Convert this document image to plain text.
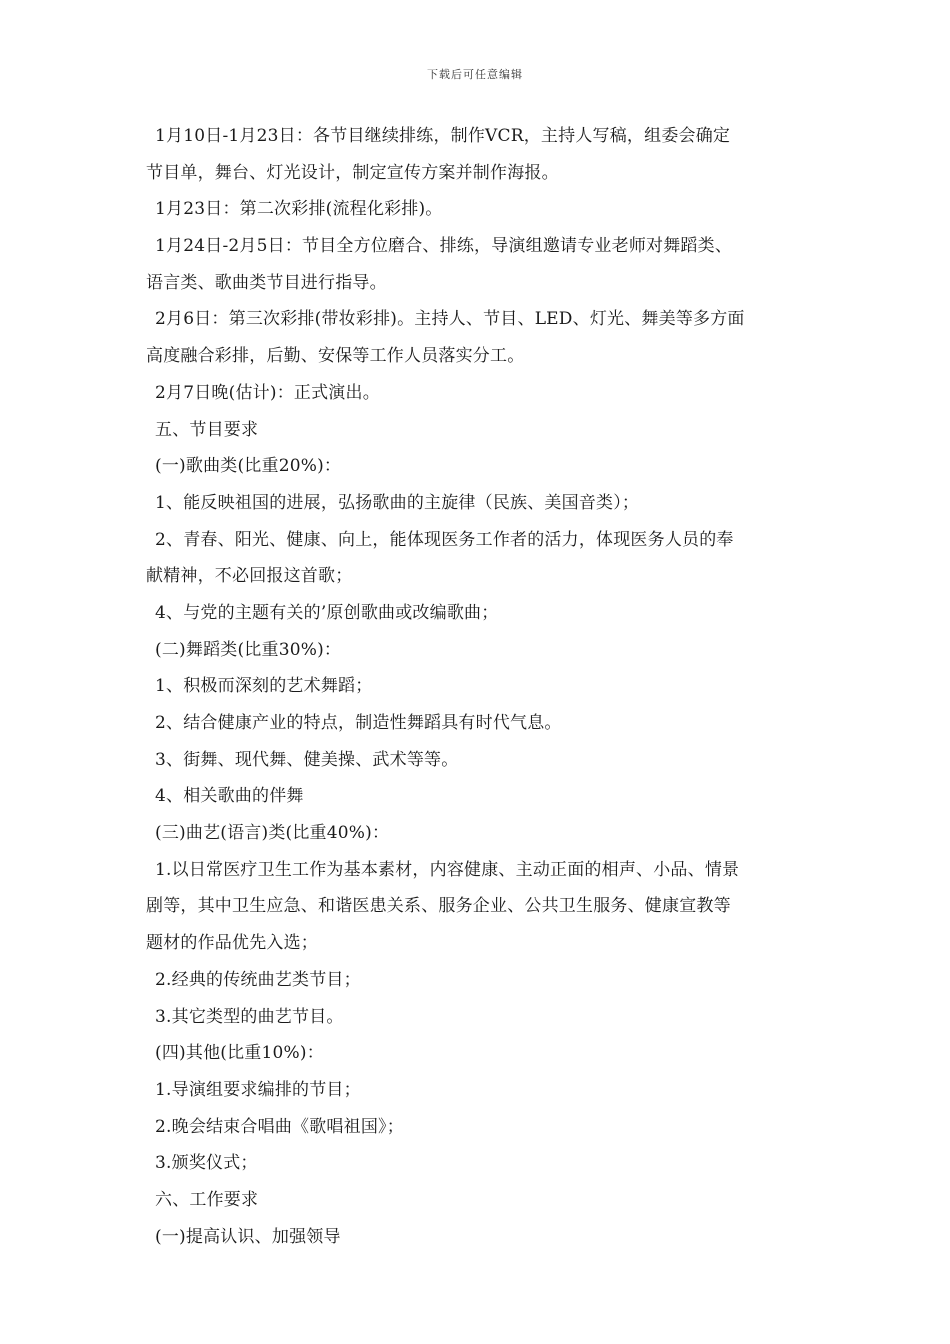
下载后可任意编辑
1月10日-1月23日：各节目继续排练，制作VCR，主持人写稿，组委会确定
节目单，舞台、灯光设计，制定宣传方案并制作海报。
1月23日：第二次彩排(流程化彩排)。
1月24日-2月5日：节目全方位磨合、排练，导演组邀请专业老师对舞蹈类、
语言类、歌曲类节目进行指导。
2月6日：第三次彩排(带妆彩排)。主持人、节目、LED、灯光、舞美等多方面
高度融合彩排，后勤、安保等工作人员落实分工。
2月7日晚(估计)：正式演出。
五、节目要求
(一)歌曲类(比重20%)：
1、能反映祖国的进展，弘扬歌曲的主旋律（民族、美国音类）；
2、青春、阳光、健康、向上，能体现医务工作者的活力，体现医务人员的奉
献精神，不必回报这首歌；
4、与党的主题有关的’原创歌曲或改编歌曲；
(二)舞蹈类(比重30%)：
1、积极而深刻的艺术舞蹈；
2、结合健康产业的特点，制造性舞蹈具有时代气息。
3、街舞、现代舞、健美操、武术等等。
4、相关歌曲的伴舞
(三)曲艺(语言)类(比重40%)：
1.以日常医疗卫生工作为基本素材，内容健康、主动正面的相声、小品、情景
剧等，其中卫生应急、和谐医患关系、服务企业、公共卫生服务、健康宣教等
题材的作品优先入选；
2.经典的传统曲艺类节目；
3.其它类型的曲艺节目。
(四)其他(比重10%)：
1.导演组要求编排的节目；
2.晚会结束合唱曲《歌唱祖国》；
3.颁奖仪式；
六、工作要求
(一)提高认识、加强领导
